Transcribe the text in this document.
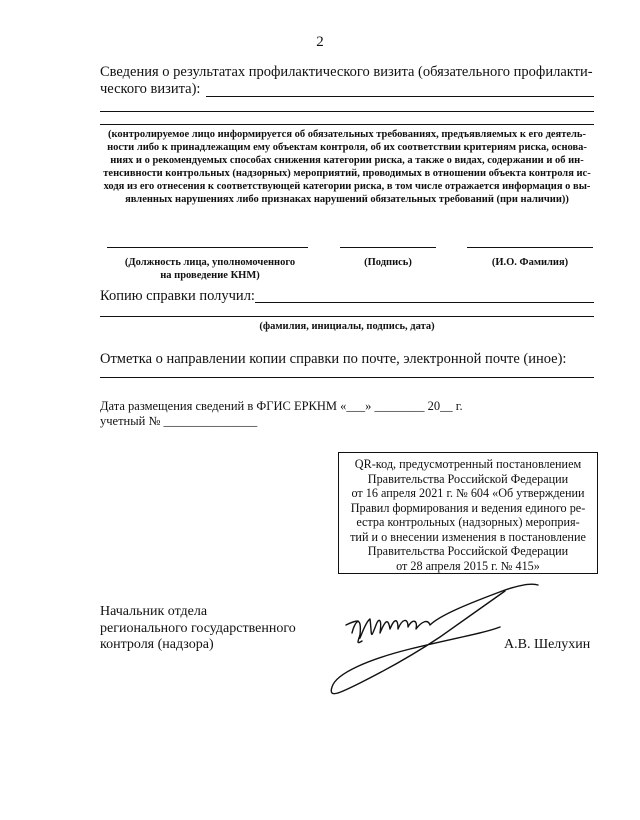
2
Сведения о результатах профилактического визита (обязательного профилакти-
ческого визита):
(контролируемое лицо информируется об обязательных требованиях, предъявляемых к его деятель-
ности либо к принадлежащим ему объектам контроля, об их соответствии критериям риска, основа-
ниях и о рекомендуемых способах снижения категории риска, а также о видах, содержании и об ин-
тенсивности контрольных (надзорных) мероприятий, проводимых в отношении объекта контроля ис-
ходя из его отнесения к соответствующей категории риска, в том числе отражается информация о вы-
явленных нарушениях либо признаках нарушений обязательных требований (при наличии))
(Должность лица, уполномоченного
на проведение КНМ)
(Подпись)	(И.О. Фамилия)
Копию справки получил:
(фамилия, инициалы, подпись, дата)
Отметка о направлении копии справки по почте, электронной почте (иное):
Дата размещения сведений в ФГИС ЕРКНМ «___» ________ 20__ г.
учетный № _______________
QR-код, предусмотренный постановлением
Правительства Российской Федерации
от 16 апреля 2021 г. № 604 «Об утверждении
Правил формирования и ведения единого ре-
естра контрольных (надзорных) мероприя-
тий и о внесении изменения в постановление
Правительства Российской Федерации
от 28 апреля 2015 г. № 415»
Начальник отдела
регионального государственного
контроля (надзора)	А.В. Шелухин
